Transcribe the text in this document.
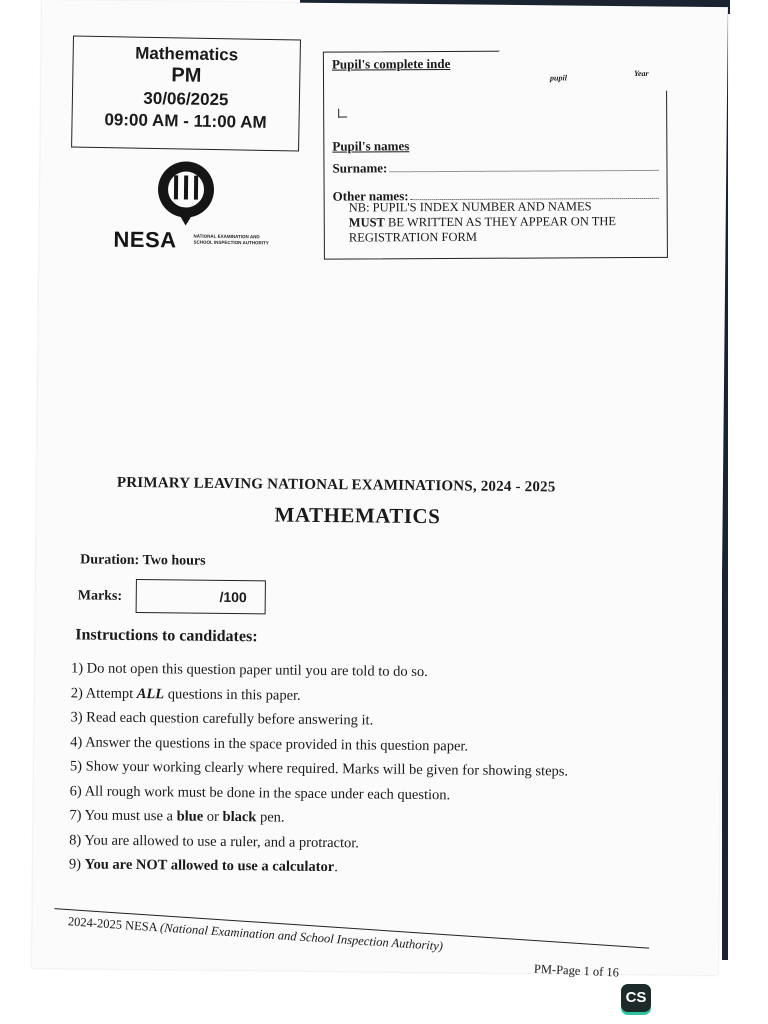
Mathematics
PM
30/06/2025
09:00 AM - 11:00 AM
NESA	NATIONAL EXAMINATION AND SCHOOL INSPECTION AUTHORITY
Pupil's complete inde
pupil	Year
Pupil's names
Surname:
Other names:
NB: PUPIL'S INDEX NUMBER AND NAMES
MUST BE WRITTEN AS THEY APPEAR ON THE
REGISTRATION FORM
PRIMARY LEAVING NATIONAL EXAMINATIONS, 2024 - 2025
MATHEMATICS
Duration: Two hours
Marks:	/100
Instructions to candidates:
1) Do not open this question paper until you are told to do so.
2) Attempt ALL questions in this paper.
3) Read each question carefully before answering it.
4) Answer the questions in the space provided in this question paper.
5) Show your working clearly where required. Marks will be given for showing steps.
6) All rough work must be done in the space under each question.
7) You must use a blue or black pen.
8) You are allowed to use a ruler, and a protractor.
9) You are NOT allowed to use a calculator.
2024-2025 NESA (National Examination and School Inspection Authority)
PM-Page 1 of 16
CS
